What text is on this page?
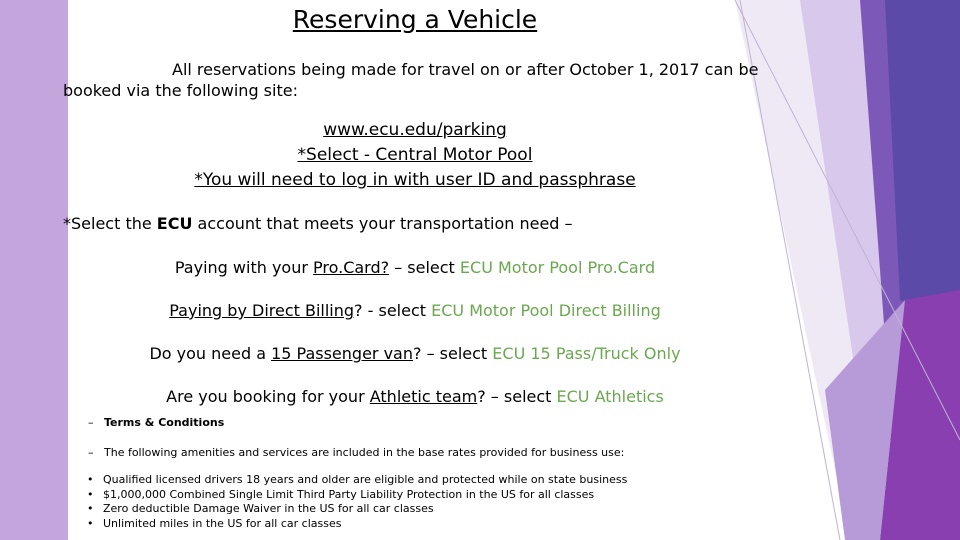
Reserving a Vehicle
All reservations being made for travel on or after October 1, 2017 can be
booked via the following site:
www.ecu.edu/parking
*Select - Central Motor Pool
*You will need to log in with user ID and passphrase
*Select the ECU account that meets your transportation need –
Paying with your Pro.Card? – select ECU Motor Pool Pro.Card
Paying by Direct Billing? - select ECU Motor Pool Direct Billing
Do you need a 15 Passenger van? – select ECU 15 Pass/Truck Only
Are you booking for your Athletic team? – select ECU Athletics
– Terms & Conditions
– The following amenities and services are included in the base rates provided for business use:
• Qualified licensed drivers 18 years and older are eligible and protected while on state business
• $1,000,000 Combined Single Limit Third Party Liability Protection in the US for all classes
• Zero deductible Damage Waiver in the US for all car classes
• Unlimited miles in the US for all car classes
